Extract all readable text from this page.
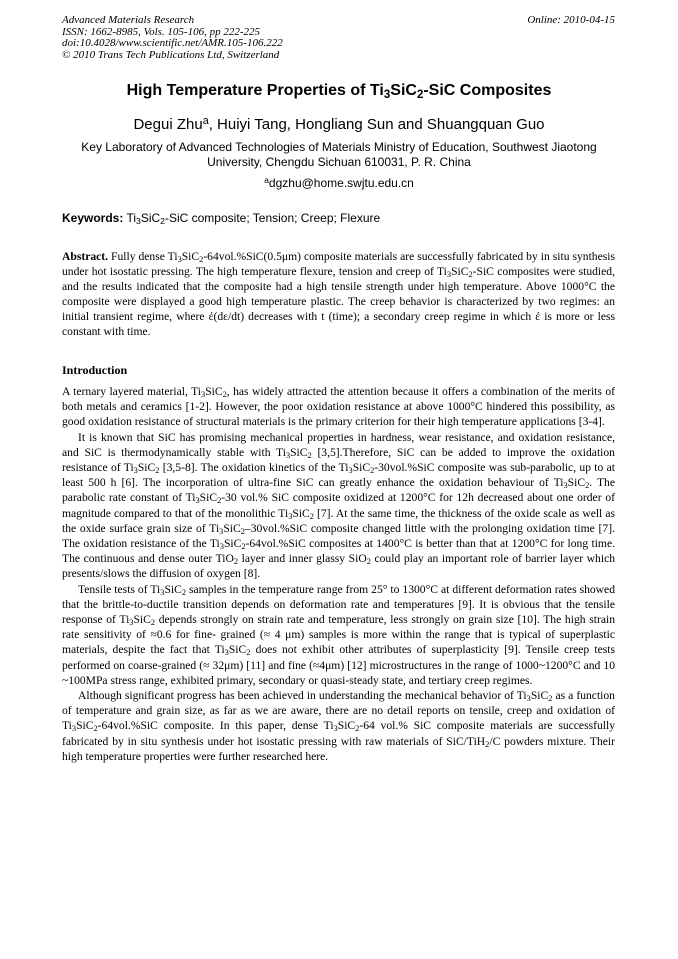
Advanced Materials Research
ISSN: 1662-8985, Vols. 105-106, pp 222-225
doi:10.4028/www.scientific.net/AMR.105-106.222
© 2010 Trans Tech Publications Ltd, Switzerland
Online: 2010-04-15
High Temperature Properties of $Ti_3SiC_2$-SiC Composites
Degui Zhu$^a$, Huiyi Tang, Hongliang Sun and Shuangquan Guo
Key Laboratory of Advanced Technologies of Materials Ministry of Education, Southwest Jiaotong University, Chengdu Sichuan 610031, P. R. China
$^a$dgzhu@home.swjtu.edu.cn
Keywords: $Ti_3SiC_2$-SiC composite; Tension; Creep; Flexure
Abstract. Fully dense $Ti_3SiC_2-64vol.\%SiC(0.5\mu m)$ composite materials are successfully fabricated by in situ synthesis under hot isostatic pressing. The high temperature flexure, tension and creep of $Ti_3SiC_2$-SiC composites were studied, and the results indicated that the composite had a high tensile strength under high temperature. Above 1000°C the composite were displayed a good high temperature plastic. The creep behavior is characterized by two regimes: an initial transient regime, where έ(dε/dt) decreases with t (time); a secondary creep regime in which έ is more or less constant with time.
Introduction

A ternary layered material, $Ti_3SiC_2$, has widely attracted the attention because it offers a combination of the merits of both metals and ceramics [1-2]. However, the poor oxidation resistance at above 1000°C hindered this possibility, as good oxidation resistance of structural materials is the primary criterion for their high temperature applications [3-4].

It is known that SiC has promising mechanical properties in hardness, wear resistance, and oxidation resistance, and SiC is thermodynamically stable with $Ti_3SiC_2$ [3,5].Therefore, SiC can be added to improve the oxidation resistance of $Ti_3SiC_2$ [3,5-8]. The oxidation kinetics of the $Ti_3SiC_2-30vol.\%SiC$ composite was sub-parabolic, up to at least 500 h [6]. The incorporation of ultra-fine SiC can greatly enhance the oxidation behaviour of $Ti_3SiC_2$. The parabolic rate constant of $Ti_3SiC_2-30$ vol.% SiC composite oxidized at 1200°C for 12h decreased about one order of magnitude compared to that of the monolithic $Ti_3SiC_2$ [7]. At the same time, the thickness of the oxide scale as well as the oxide surface grain size of $Ti_3SiC_2-30vol.\%SiC$ composite changed little with the prolonging oxidation time [7]. The oxidation resistance of the $Ti_3SiC_2-64vol.\%SiC$ composites at 1400°C is better than that at 1200°C for long time. The continuous and dense outer TiO$_2$ layer and inner glassy SiO$_2$ could play an important role of barrier layer which presents/slows the diffusion of oxygen [8].

Tensile tests of $Ti_3SiC_2$ samples in the temperature range from 25° to 1300°C at different deformation rates showed that the brittle-to-ductile transition depends on deformation rate and temperatures [9]. It is obvious that the tensile response of $Ti_3SiC_2$ depends strongly on strain rate and temperature, less strongly on grain size [10]. The high strain rate sensitivity of ≈0.6 for fine- grained (≈ 4 μm) samples is more within the range that is typical of superplastic materials, despite the fact that $Ti_3SiC_2$ does not exhibit other attributes of superplasticity [9]. Tensile creep tests performed on coarse-grained (≈ 32μm) [11] and fine (≈4μm) [12] microstructures in the range of 1000~1200°C and 10 ~100MPa stress range, exhibited primary, secondary or quasi-steady state, and tertiary creep regimes.

Although significant progress has been achieved in understanding the mechanical behavior of $Ti_3SiC_2$ as a function of temperature and grain size, as far as we are aware, there are no detail reports on tensile, creep and oxidation of $Ti_3SiC_2-64vol.\%SiC$ composite. In this paper, dense $Ti_3SiC_2-64$ vol.% SiC composite materials are successfully fabricated by in situ synthesis under hot isostatic pressing with raw materials of SiC/TiH$_2$/C powders mixture. Their high temperature properties were further researched here.
